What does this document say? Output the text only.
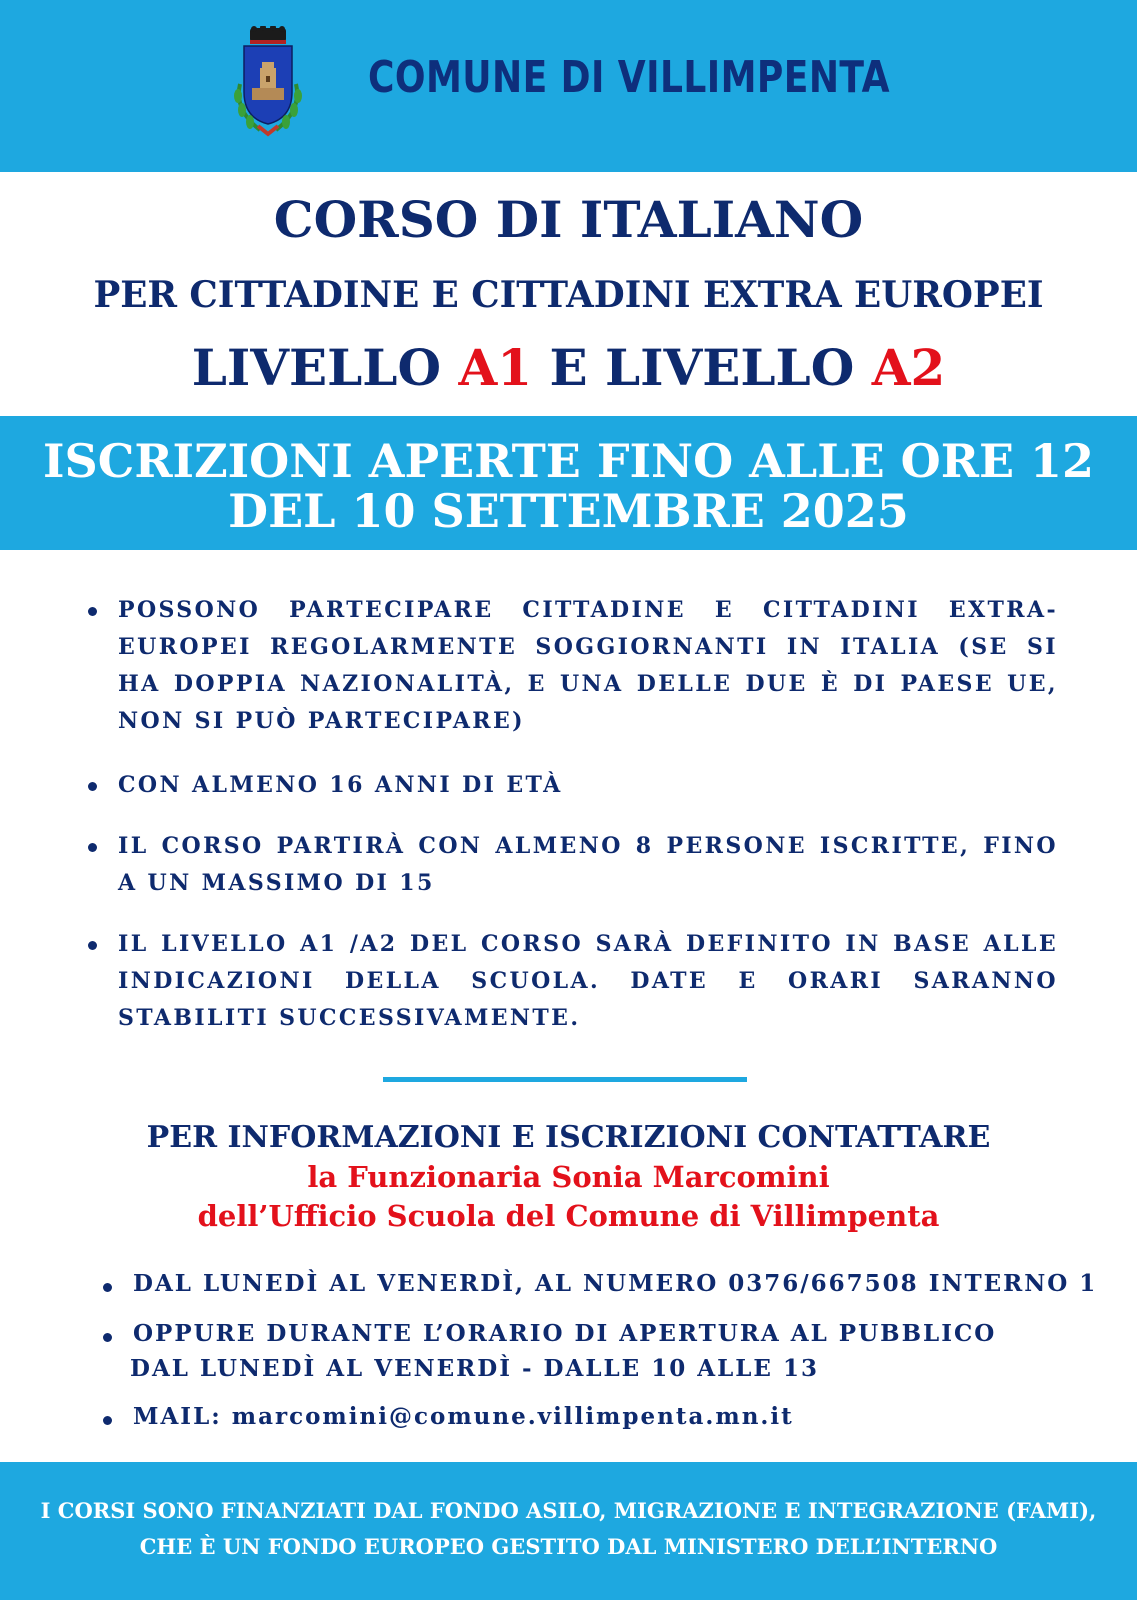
COMUNE DI VILLIMPENTA
CORSO DI ITALIANO
PER CITTADINE E CITTADINI EXTRA EUROPEI
LIVELLO A1 E LIVELLO A2
ISCRIZIONI APERTE FINO ALLE ORE 12
DEL 10 SETTEMBRE 2025
POSSONO PARTECIPARE CITTADINE E CITTADINI EXTRA-EUROPEI REGOLARMENTE SOGGIORNANTI IN ITALIA (SE SI HA DOPPIA NAZIONALITÀ, E UNA DELLE DUE È DI PAESE UE, NON SI PUÒ PARTECIPARE)
CON ALMENO 16 ANNI DI ETÀ
IL CORSO PARTIRÀ CON ALMENO 8 PERSONE ISCRITTE, FINO A UN MASSIMO DI 15
IL LIVELLO A1 /A2 DEL CORSO SARÀ DEFINITO IN BASE ALLE INDICAZIONI DELLA SCUOLA. DATE E ORARI SARANNO STABILITI SUCCESSIVAMENTE.
PER INFORMAZIONI E ISCRIZIONI CONTATTARE
la Funzionaria Sonia Marcomini
dell’Ufficio Scuola del Comune di Villimpenta
DAL LUNEDÌ AL VENERDÌ, AL NUMERO 0376/667508 INTERNO 1
OPPURE DURANTE L’ORARIO DI APERTURA AL PUBBLICO
DAL LUNEDÌ AL VENERDÌ - DALLE 10 ALLE 13
MAIL: marcomini@comune.villimpenta.mn.it
I CORSI SONO FINANZIATI DAL FONDO ASILO, MIGRAZIONE E INTEGRAZIONE (FAMI),
CHE È UN FONDO EUROPEO GESTITO DAL MINISTERO DELL’INTERNO
